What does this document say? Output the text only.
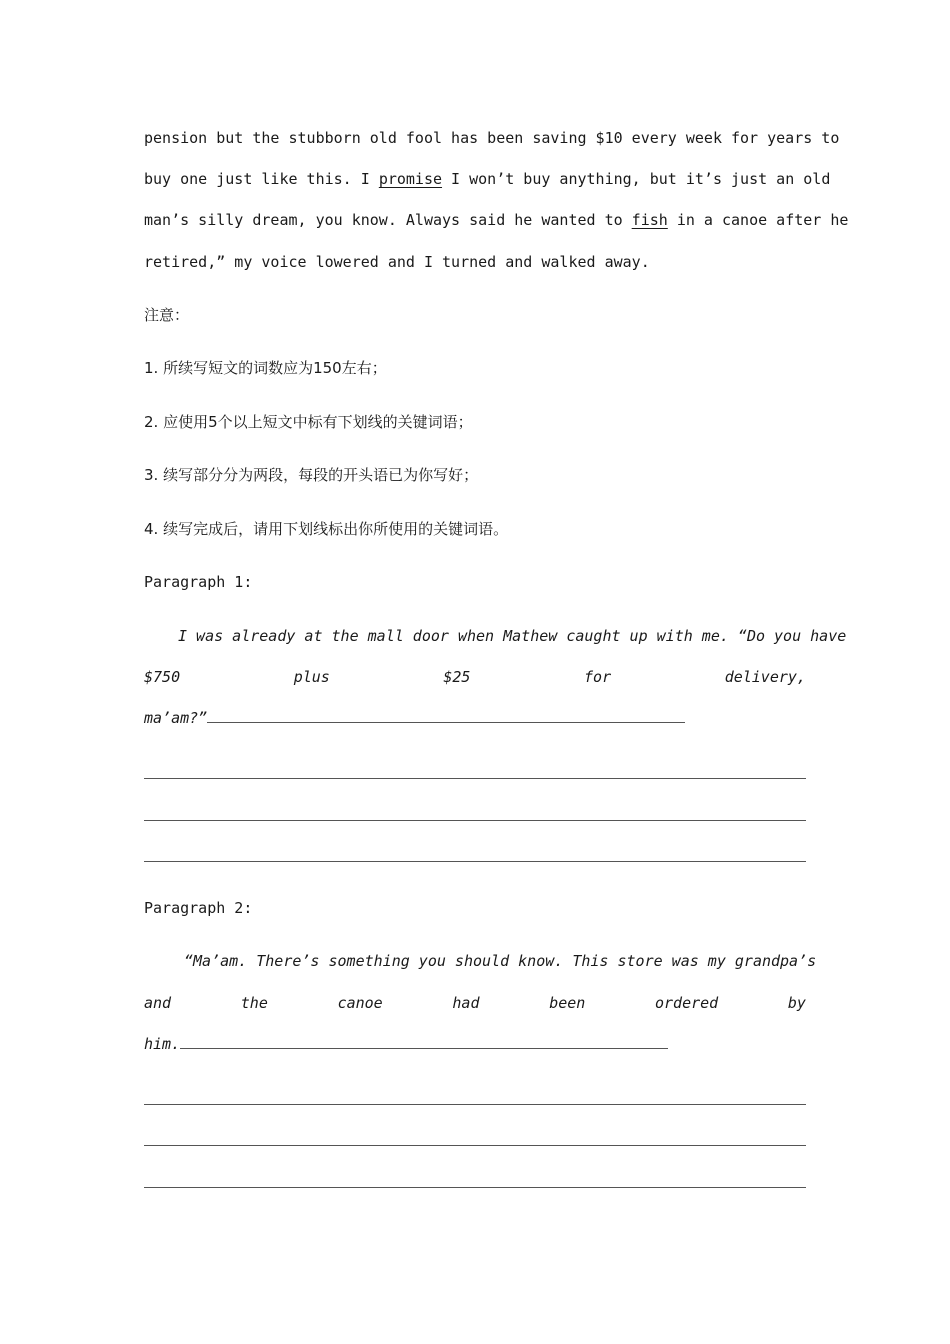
pension but the stubborn old fool has been saving $10 every week for years to
buy one just like this. I promise I won’t buy anything, but it’s just an old
man’s silly dream, you know. Always said he wanted to fish in a canoe after he
retired,” my voice lowered and I turned and walked away.
注意：
1. 所续写短文的词数应为150左右；
2. 应使用5个以上短文中标有下划线的关键词语；
3. 续写部分分为两段，每段的开头语已为你写好；
4. 续写完成后，请用下划线标出你所使用的关键词语。
Paragraph 1:
I was already at the mall door when Mathew caught up with me. “Do you have
$750	plus	$25	for	delivery,
ma’am?”
Paragraph 2:
“Ma’am. There’s something you should know. This store was my grandpa’s
and	the	canoe	had	been	ordered	by
him.
